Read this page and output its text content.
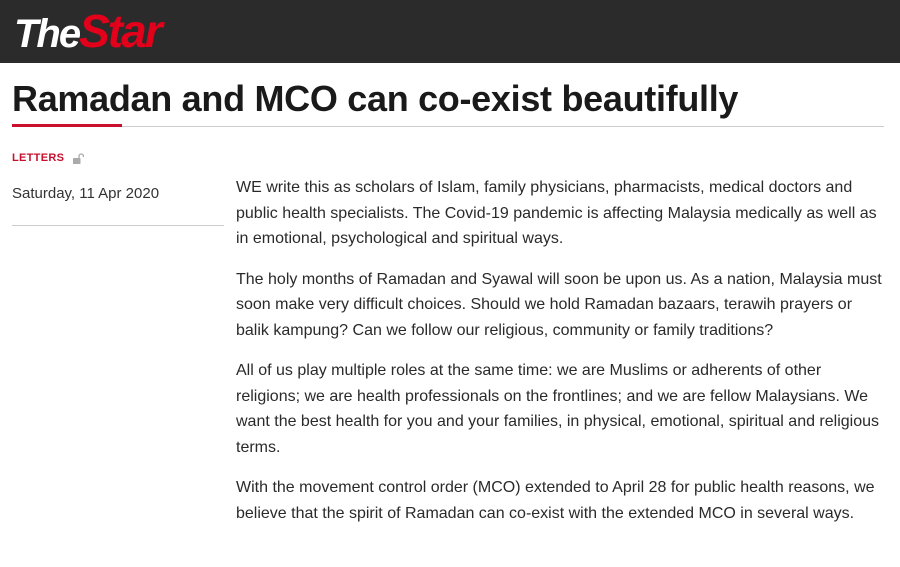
TheStar
Ramadan and MCO can co-exist beautifully
LETTERS
Saturday, 11 Apr 2020	WE write this as scholars of Islam, family physicians, pharmacists, medical doctors and public health specialists. The Covid-19 pandemic is affecting Malaysia medically as well as in emotional, psychological and spiritual ways.

The holy months of Ramadan and Syawal will soon be upon us. As a nation, Malaysia must soon make very difficult choices. Should we hold Ramadan bazaars, terawih prayers or balik kampung? Can we follow our religious, community or family traditions?

All of us play multiple roles at the same time: we are Muslims or adherents of other religions; we are health professionals on the frontlines; and we are fellow Malaysians. We want the best health for you and your families, in physical, emotional, spiritual and religious terms.

With the movement control order (MCO) extended to April 28 for public health reasons, we believe that the spirit of Ramadan can co-exist with the extended MCO in several ways.
